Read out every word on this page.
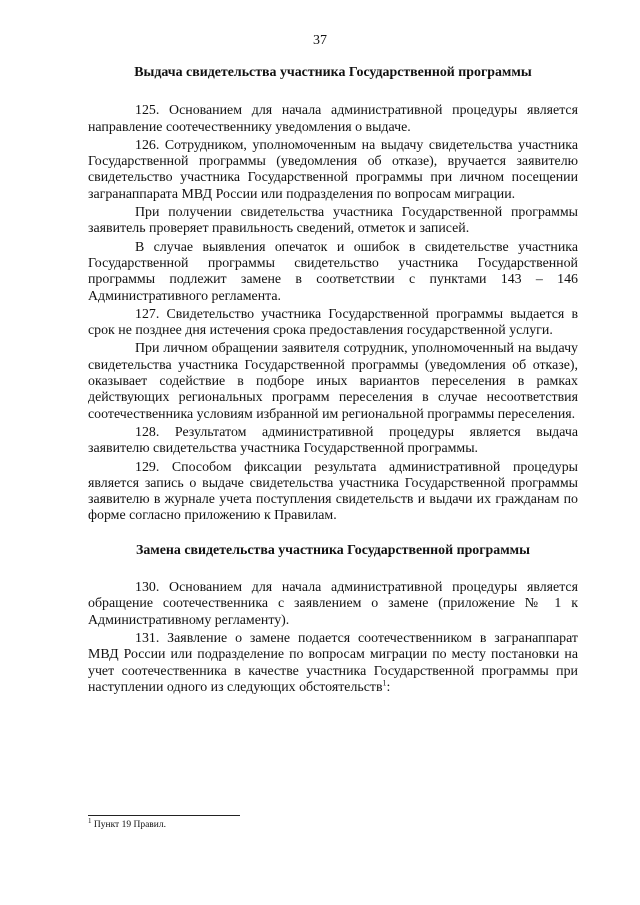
37
Выдача свидетельства участника Государственной программы

125. Основанием для начала административной процедуры является направление соотечественнику уведомления о выдаче.

126. Сотрудником, уполномоченным на выдачу свидетельства участника Государственной программы (уведомления об отказе), вручается заявителю свидетельство участника Государственной программы при личном посещении загранаппарата МВД России или подразделения по вопросам миграции.

При получении свидетельства участника Государственной программы заявитель проверяет правильность сведений, отметок и записей.

В случае выявления опечаток и ошибок в свидетельстве участника Государственной программы свидетельство участника Государственной программы подлежит замене в соответствии с пунктами 143 – 146 Административного регламента.

127. Свидетельство участника Государственной программы выдается в срок не позднее дня истечения срока предоставления государственной услуги.

При личном обращении заявителя сотрудник, уполномоченный на выдачу свидетельства участника Государственной программы (уведомления об отказе), оказывает содействие в подборе иных вариантов переселения в рамках действующих региональных программ переселения в случае несоответствия соотечественника условиям избранной им региональной программы переселения.

128. Результатом административной процедуры является выдача заявителю свидетельства участника Государственной программы.

129. Способом фиксации результата административной процедуры является запись о выдаче свидетельства участника Государственной программы заявителю в журнале учета поступления свидетельств и выдачи их гражданам по форме согласно приложению к Правилам.

Замена свидетельства участника Государственной программы

130. Основанием для начала административной процедуры является обращение соотечественника с заявлением о замене (приложение № 1 к Административному регламенту).

131. Заявление о замене подается соотечественником в загранаппарат МВД России или подразделение по вопросам миграции по месту постановки на учет соотечественника в качестве участника Государственной программы при наступлении одного из следующих обстоятельств$^1$:

$^1$ Пункт 19 Правил.
